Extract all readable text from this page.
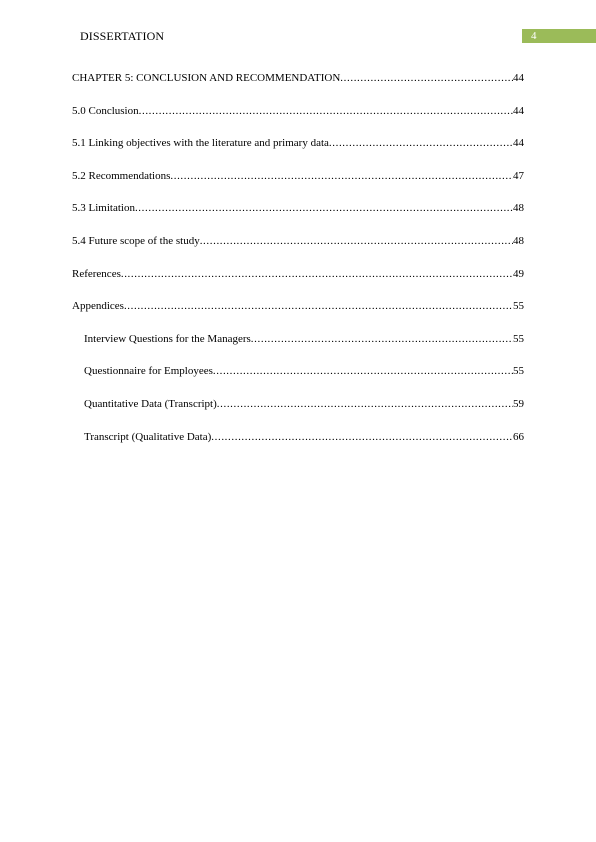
DISSERTATION	4
CHAPTER 5: CONCLUSION AND RECOMMENDATION .....	44
5.0 Conclusion .....	44
5.1 Linking objectives with the literature and primary data .....	44
5.2 Recommendations .....	47
5.3 Limitation .....	48
5.4 Future scope of the study .....	48
References .....	49
Appendices .....	55
Interview Questions for the Managers .....	55
Questionnaire for Employees .....	55
Quantitative Data (Transcript) .....	59
Transcript (Qualitative Data) .....	66
